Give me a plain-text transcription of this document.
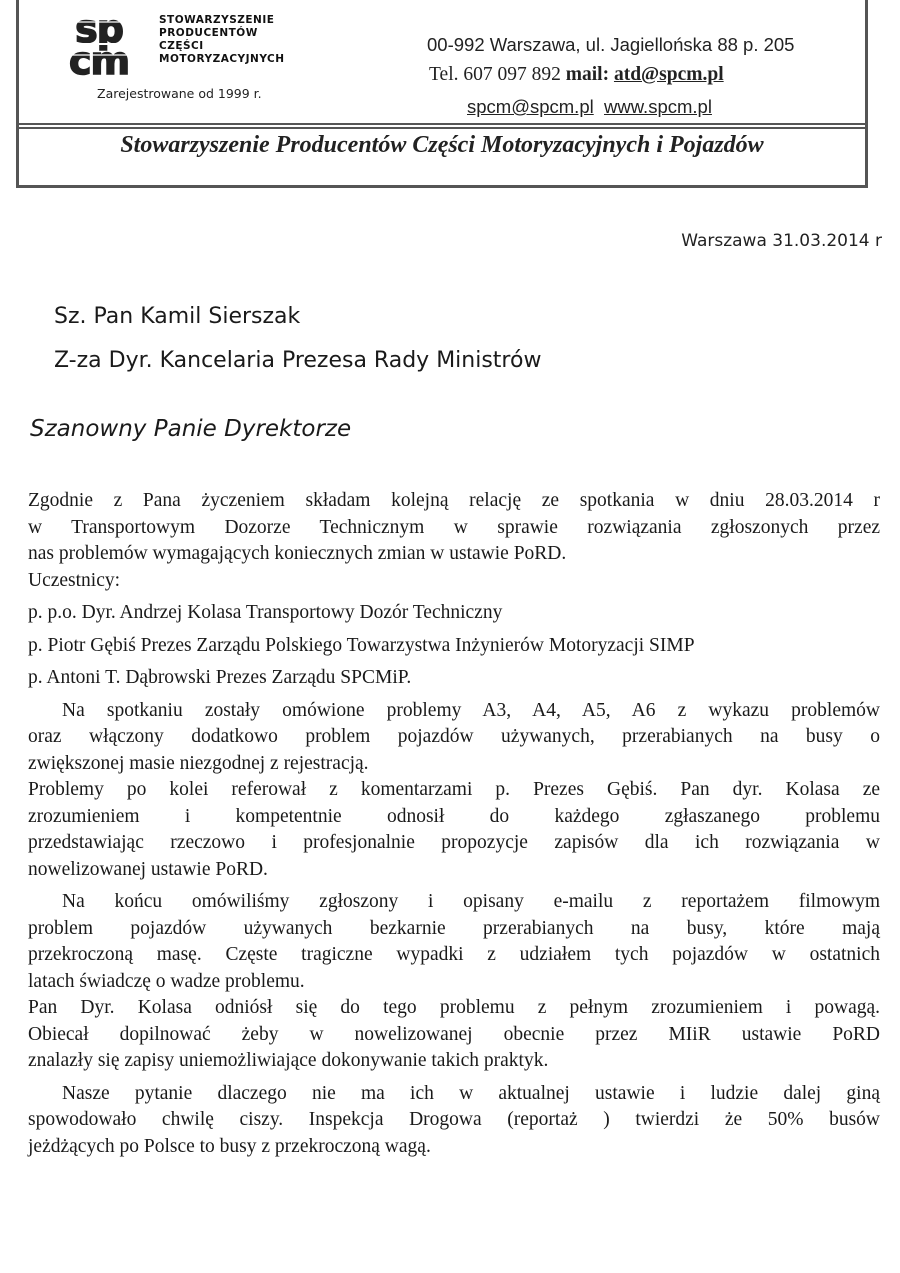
sp
cm
STOWARZYSZENIE
PRODUCENTÓW
CZĘŚCI
MOTORYZACYJNYCH
Zarejestrowane od 1999 r.
00-992 Warszawa, ul. Jagiellońska 88 p. 205
Tel. 607 097 892 mail: atd@spcm.pl
spcm@spcm.pl www.spcm.pl
Stowarzyszenie Producentów Części Motoryzacyjnych i Pojazdów
Warszawa 31.03.2014 r
Sz. Pan Kamil Sierszak
Z-za Dyr. Kancelaria Prezesa Rady Ministrów
Szanowny Panie Dyrektorze

Zgodnie z Pana życzeniem składam kolejną relację ze spotkania w dniu 28.03.2014 r

w Transportowym Dozorze Technicznym w sprawie rozwiązania zgłoszonych przez

nas problemów wymagających koniecznych zmian w ustawie PoRD.

Uczestnicy:

p. p.o. Dyr. Andrzej Kolasa Transportowy Dozór Techniczny

p. Piotr Gębiś Prezes Zarządu Polskiego Towarzystwa Inżynierów Motoryzacji SIMP

p. Antoni T. Dąbrowski Prezes Zarządu SPCMiP.

Na spotkaniu zostały omówione problemy A3, A4, A5, A6 z wykazu problemów

oraz włączony dodatkowo problem pojazdów używanych, przerabianych na busy o

zwiększonej masie niezgodnej z rejestracją.

Problemy po kolei referował z komentarzami p. Prezes Gębiś. Pan dyr. Kolasa ze

zrozumieniem i kompetentnie odnosił do każdego zgłaszanego problemu

przedstawiając rzeczowo i profesjonalnie propozycje zapisów dla ich rozwiązania w

nowelizowanej ustawie PoRD.

Na końcu omówiliśmy zgłoszony i opisany e-mailu z reportażem filmowym

problem pojazdów używanych bezkarnie przerabianych na busy, które mają

przekroczoną masę. Częste tragiczne wypadki z udziałem tych pojazdów w ostatnich

latach świadczę o wadze problemu.

Pan Dyr. Kolasa odniósł się do tego problemu z pełnym zrozumieniem i powagą.

Obiecał dopilnować żeby w nowelizowanej obecnie przez MIiR ustawie PoRD

znalazły się zapisy uniemożliwiające dokonywanie takich praktyk.

Nasze pytanie dlaczego nie ma ich w aktualnej ustawie i ludzie dalej giną

spowodowało chwilę ciszy. Inspekcja Drogowa (reportaż ) twierdzi że 50% busów

jeżdżących po Polsce to busy z przekroczoną wagą.
